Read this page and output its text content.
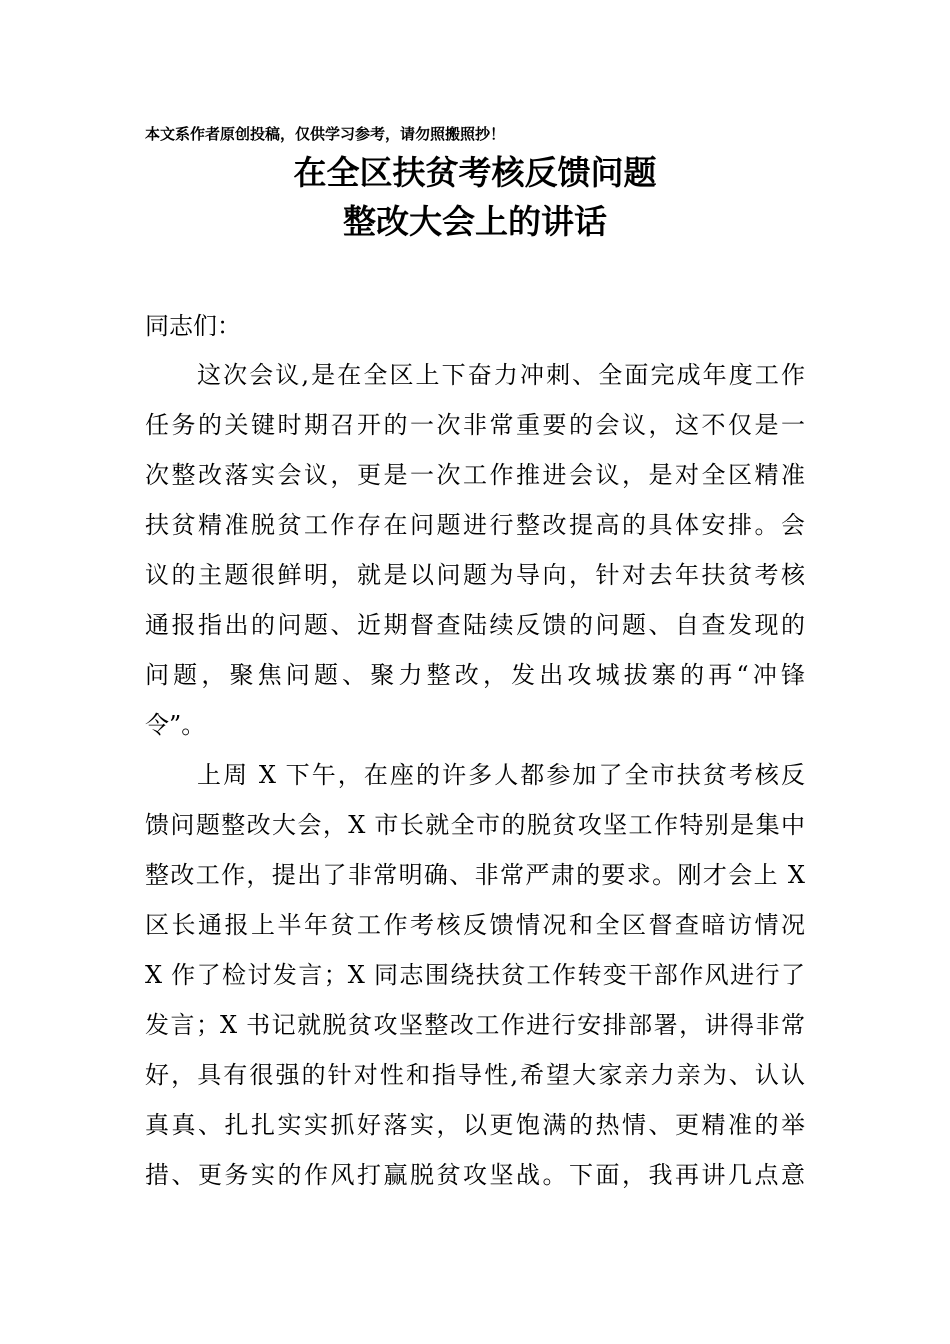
本文系作者原创投稿，仅供学习参考，请勿照搬照抄！
在全区扶贫考核反馈问题
整改大会上的讲话
同志们：
这次会议,是在全区上下奋力冲刺、全面完成年度工作
任务的关键时期召开的一次非常重要的会议，这不仅是一
次整改落实会议，更是一次工作推进会议，是对全区精准
扶贫精准脱贫工作存在问题进行整改提高的具体安排。会
议的主题很鲜明，就是以问题为导向，针对去年扶贫考核
通报指出的问题、近期督查陆续反馈的问题、自查发现的
问题，聚焦问题、聚力整改，发出攻城拔寨的再“冲锋
令”。
上周 X 下午，在座的许多人都参加了全市扶贫考核反
馈问题整改大会，X 市长就全市的脱贫攻坚工作特别是集中
整改工作，提出了非常明确、非常严肃的要求。刚才会上 X
区长通报上半年贫工作考核反馈情况和全区督查暗访情况
X 作了检讨发言；X 同志围绕扶贫工作转变干部作风进行了
发言；X 书记就脱贫攻坚整改工作进行安排部署，讲得非常
好，具有很强的针对性和指导性,希望大家亲力亲为、认认
真真、扎扎实实抓好落实，以更饱满的热情、更精准的举
措、更务实的作风打赢脱贫攻坚战。下面，我再讲几点意
